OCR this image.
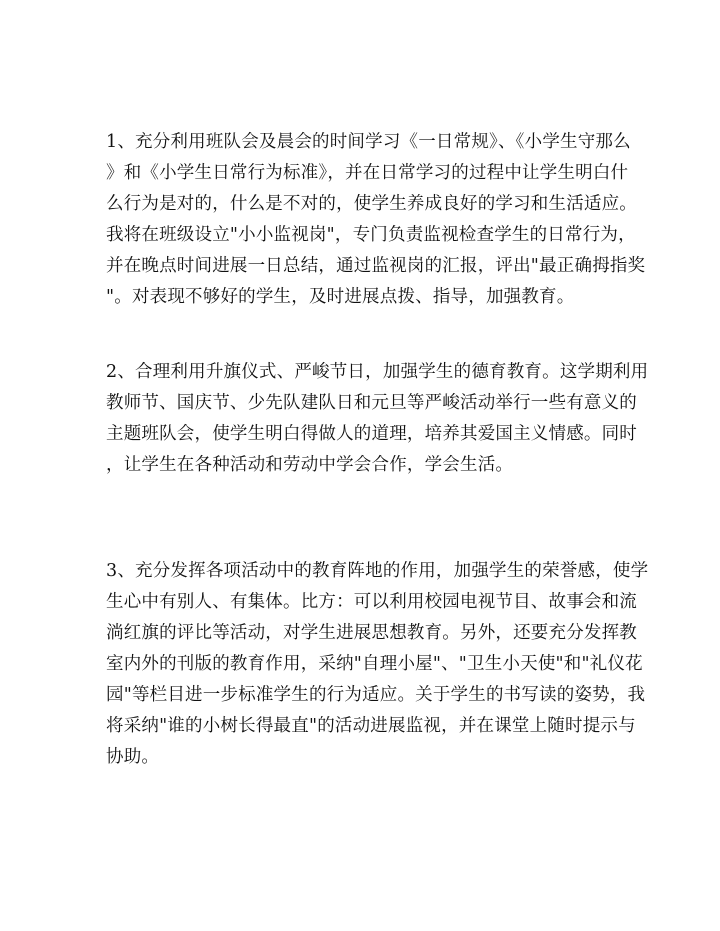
1、充分利用班队会及晨会的时间学习《一日常规》、《小学生守那么
》和《小学生日常行为标准》，并在日常学习的过程中让学生明白什
么行为是对的，什么是不对的，使学生养成良好的学习和生活适应。
我将在班级设立"小小监视岗"，专门负责监视检查学生的日常行为，
并在晚点时间进展一日总结，通过监视岗的汇报，评出"最正确拇指奖
"。对表现不够好的学生，及时进展点拨、指导，加强教育。
2、合理利用升旗仪式、严峻节日，加强学生的德育教育。这学期利用
教师节、国庆节、少先队建队日和元旦等严峻活动举行一些有意义的
主题班队会，使学生明白得做人的道理，培养其爱国主义情感。同时
，让学生在各种活动和劳动中学会合作，学会生活。
3、充分发挥各项活动中的教育阵地的作用，加强学生的荣誉感，使学
生心中有别人、有集体。比方：可以利用校园电视节目、故事会和流
淌红旗的评比等活动，对学生进展思想教育。另外，还要充分发挥教
室内外的刊版的教育作用，采纳"自理小屋"、"卫生小天使"和"礼仪花
园"等栏目进一步标准学生的行为适应。关于学生的书写读的姿势，我
将采纳"谁的小树长得最直"的活动进展监视，并在课堂上随时提示与
协助。
